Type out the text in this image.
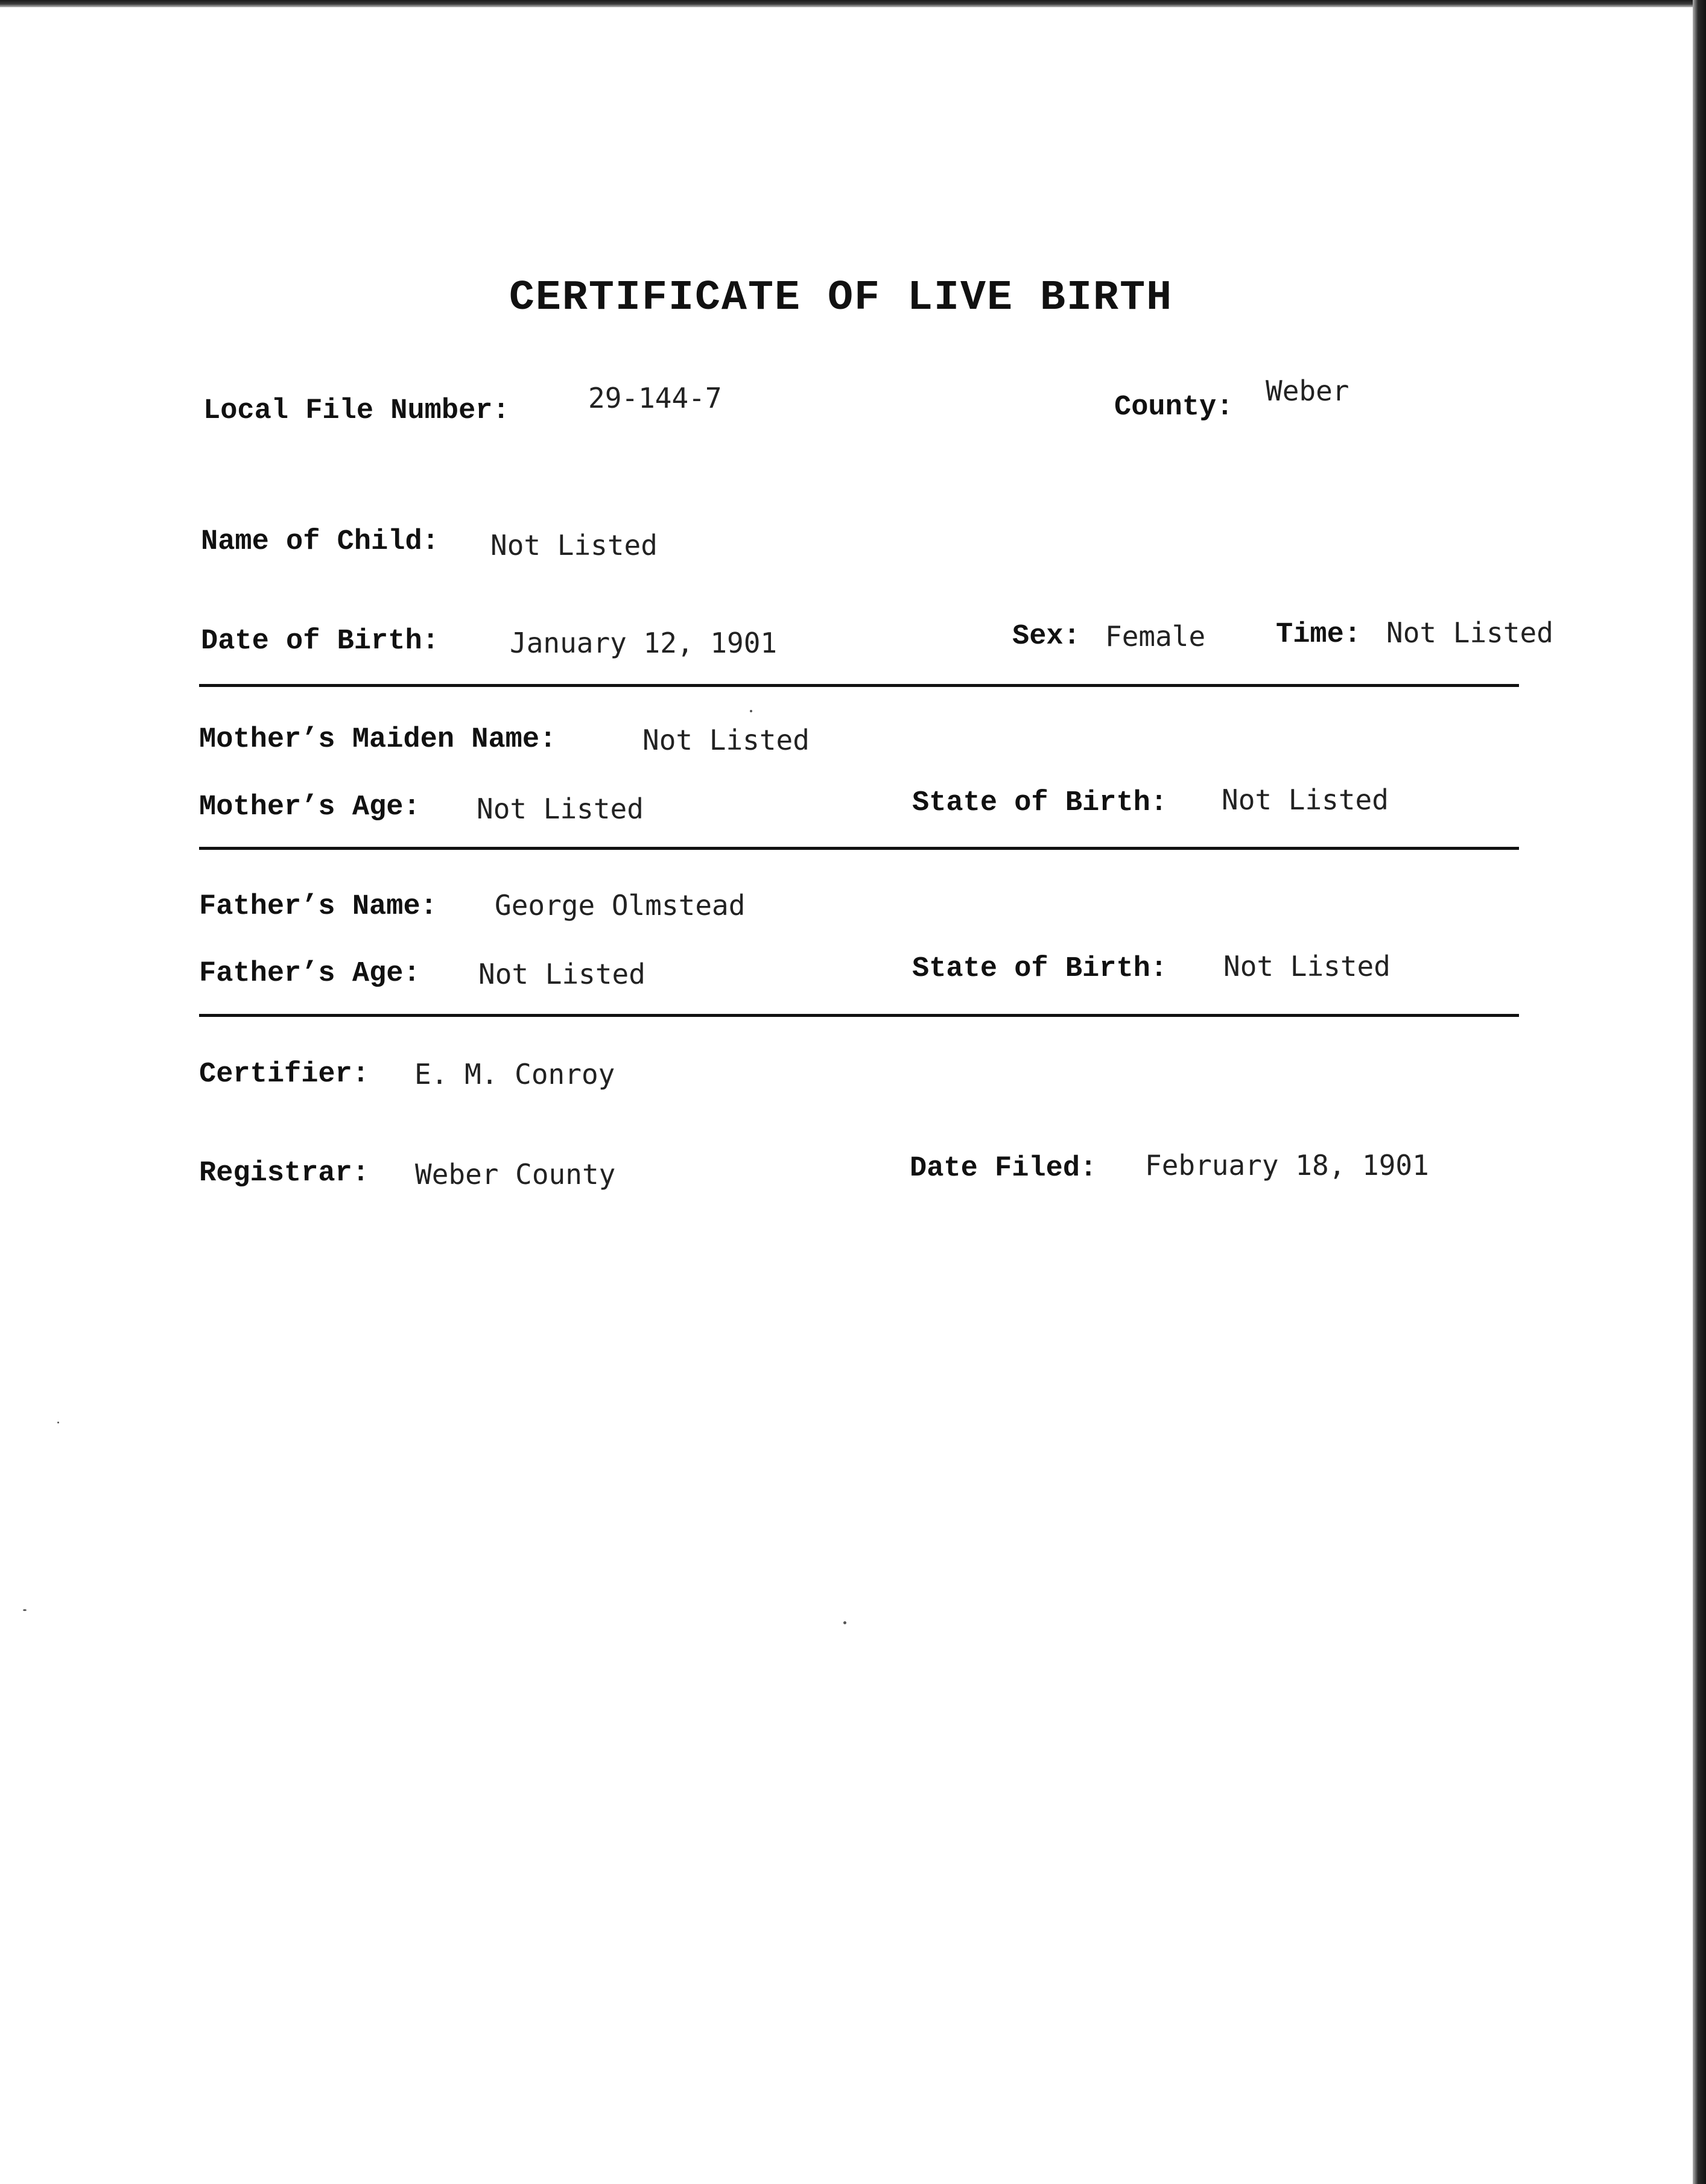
CERTIFICATE OF LIVE BIRTH
Local File Number:	29-144-7	County:
Weber
Name of Child: Not Listed
Date of Birth:	January 12, 1901	Sex: Female Time: Not Listed
Mother’s Maiden Name:	Not Listed
Mother’s Age: Not Listed	State of Birth: Not Listed
Father’s Name: George Olmstead
Father’s Age: Not Listed	State of Birth: Not Listed
Certifier: E. M. Conroy
Registrar: Weber County	Date Filed: February 18, 1901
